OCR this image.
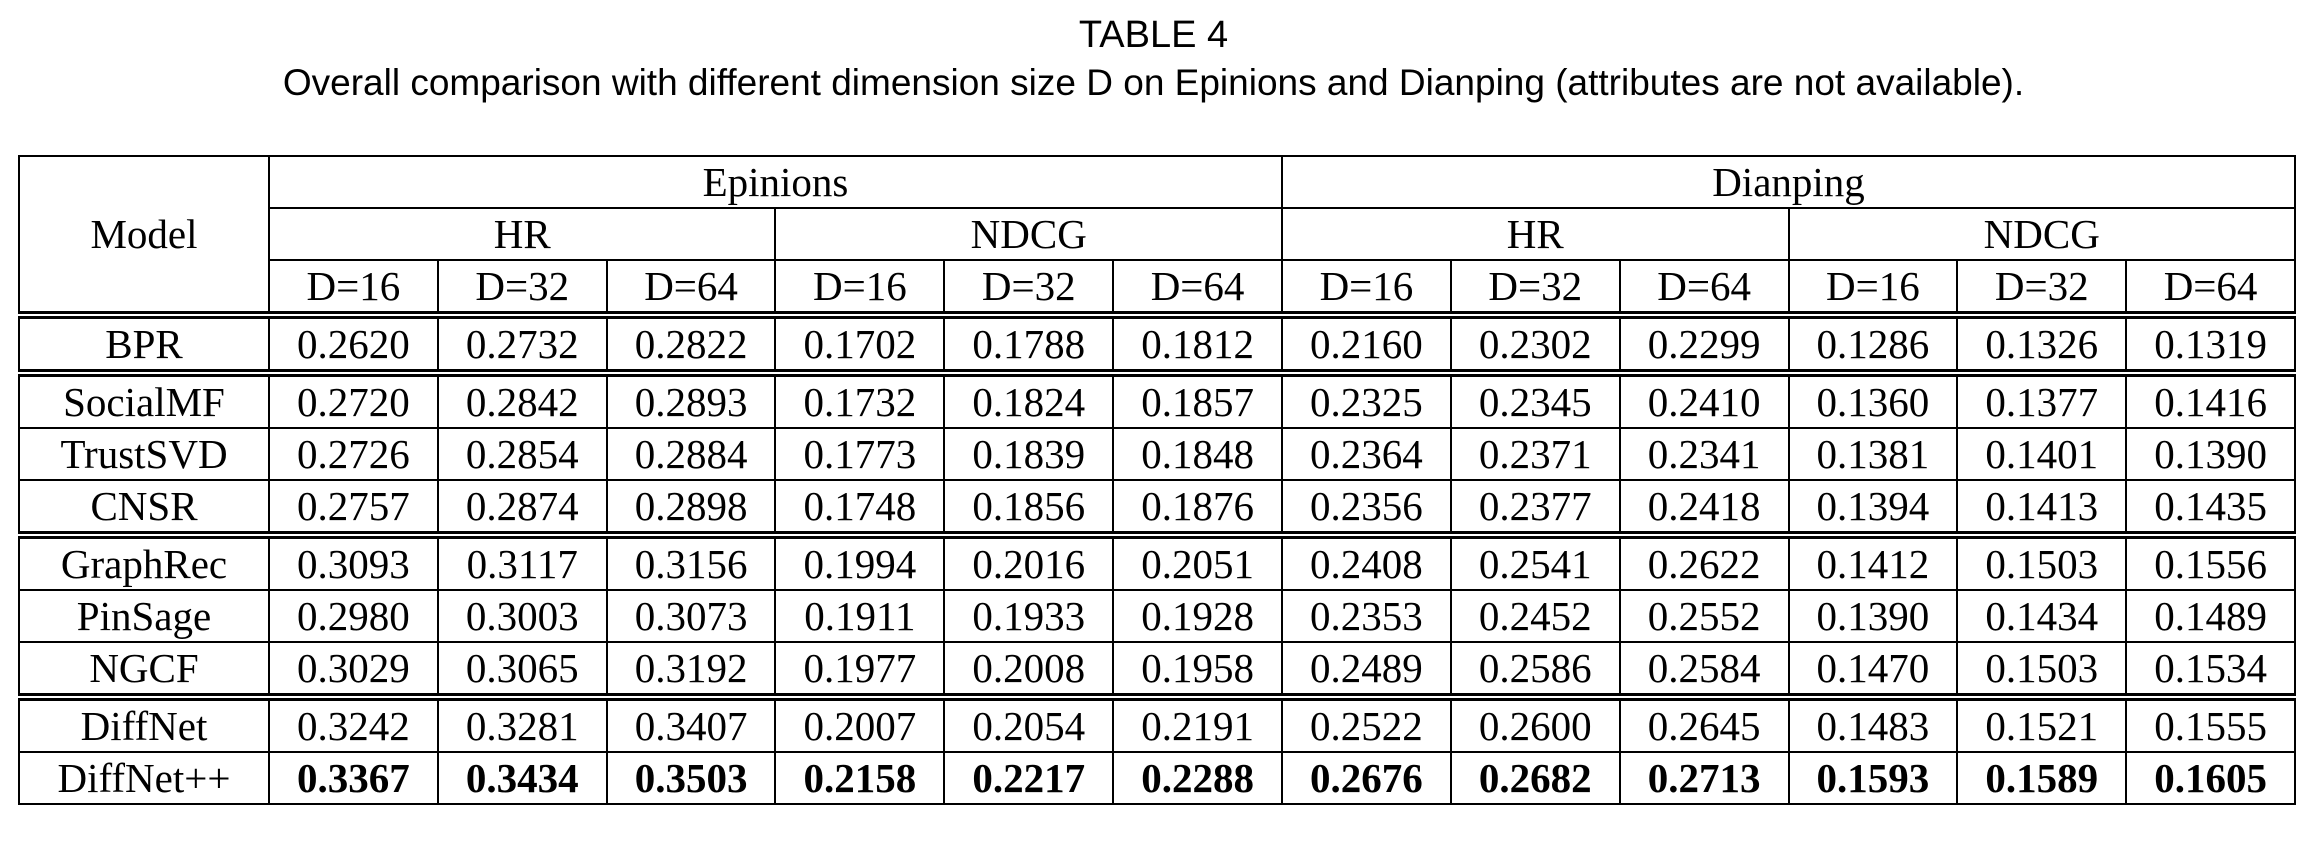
TABLE 4
Overall comparison with different dimension size D on Epinions and Dianping (attributes are not available).
Model	Epinions						Dianping					
	HR			NDCG			HR			NDCG		
	D=16	D=32	D=64	D=16	D=32	D=64	D=16	D=32	D=64	D=16	D=32	D=64
BPR	0.2620	0.2732	0.2822	0.1702	0.1788	0.1812	0.2160	0.2302	0.2299	0.1286	0.1326	0.1319
SocialMF	0.2720	0.2842	0.2893	0.1732	0.1824	0.1857	0.2325	0.2345	0.2410	0.1360	0.1377	0.1416
TrustSVD	0.2726	0.2854	0.2884	0.1773	0.1839	0.1848	0.2364	0.2371	0.2341	0.1381	0.1401	0.1390
CNSR	0.2757	0.2874	0.2898	0.1748	0.1856	0.1876	0.2356	0.2377	0.2418	0.1394	0.1413	0.1435
GraphRec	0.3093	0.3117	0.3156	0.1994	0.2016	0.2051	0.2408	0.2541	0.2622	0.1412	0.1503	0.1556
PinSage	0.2980	0.3003	0.3073	0.1911	0.1933	0.1928	0.2353	0.2452	0.2552	0.1390	0.1434	0.1489
NGCF	0.3029	0.3065	0.3192	0.1977	0.2008	0.1958	0.2489	0.2586	0.2584	0.1470	0.1503	0.1534
DiffNet	0.3242	0.3281	0.3407	0.2007	0.2054	0.2191	0.2522	0.2600	0.2645	0.1483	0.1521	0.1555
DiffNet++	0.3367	0.3434	0.3503	0.2158	0.2217	0.2288	0.2676	0.2682	0.2713	0.1593	0.1589	0.1605
